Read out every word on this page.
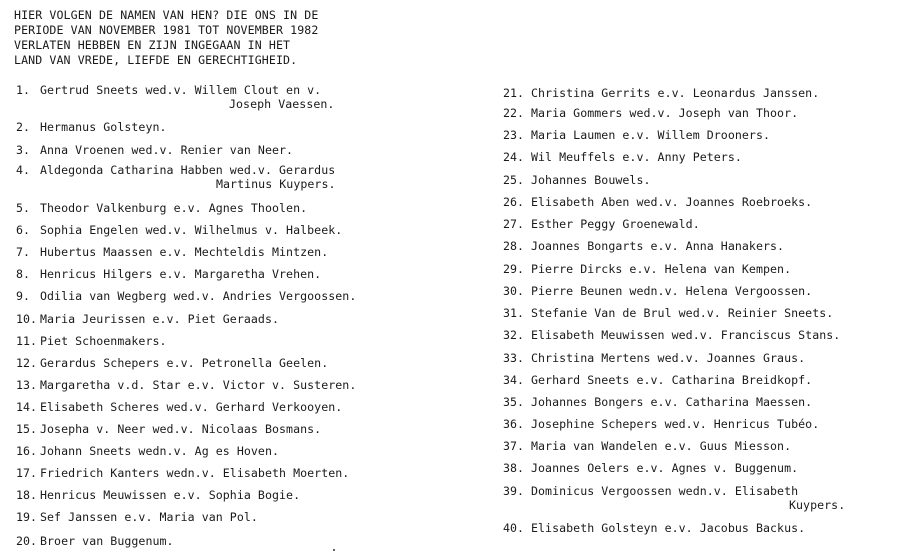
HIER VOLGEN DE NAMEN VAN HEN? DIE ONS IN DE
PERIODE VAN NOVEMBER 1981 TOT NOVEMBER 1982
VERLATEN HEBBEN EN ZIJN INGEGAAN IN HET
LAND VAN VREDE, LIEFDE EN GERECHTIGHEID.
1. Gertrud Sneets wed.v. Willem Clout en v.
Joseph Vaessen.
2. Hermanus Golsteyn.
3. Anna Vroenen wed.v. Renier van Neer.
4. Aldegonda Catharina Habben wed.v. Gerardus
Martinus Kuypers.
5. Theodor Valkenburg e.v. Agnes Thoolen.
6. Sophia Engelen wed.v. Wilhelmus v. Halbeek.
7. Hubertus Maassen e.v. Mechteldis Mintzen.
8. Henricus Hilgers e.v. Margaretha Vrehen.
9. Odilia van Wegberg wed.v. Andries Vergoossen.
10. Maria Jeurissen e.v. Piet Geraads.
11. Piet Schoenmakers.
12. Gerardus Schepers e.v. Petronella Geelen.
13. Margaretha v.d. Star e.v. Victor v. Susteren.
14. Elisabeth Scheres wed.v. Gerhard Verkooyen.
15. Josepha v. Neer wed.v. Nicolaas Bosmans.
16. Johann Sneets wedn.v. Ag es Hoven.
17. Friedrich Kanters wedn.v. Elisabeth Moerten.
18. Henricus Meuwissen e.v. Sophia Bogie.
19. Sef Janssen e.v. Maria van Pol.
20. Broer van Buggenum.
21. Christina Gerrits e.v. Leonardus Janssen.
22. Maria Gommers wed.v. Joseph van Thoor.
23. Maria Laumen e.v. Willem Drooners.
24. Wil Meuffels e.v. Anny Peters.
25. Johannes Bouwels.
26. Elisabeth Aben wed.v. Joannes Roebroeks.
27. Esther Peggy Groenewald.
28. Joannes Bongarts e.v. Anna Hanakers.
29. Pierre Dircks e.v. Helena van Kempen.
30. Pierre Beunen wedn.v. Helena Vergoossen.
31. Stefanie Van de Brul wed.v. Reinier Sneets.
32. Elisabeth Meuwissen wed.v. Franciscus Stans.
33. Christina Mertens wed.v. Joannes Graus.
34. Gerhard Sneets e.v. Catharina Breidkopf.
35. Johannes Bongers e.v. Catharina Maessen.
36. Josephine Schepers wed.v. Henricus Tubéo.
37. Maria van Wandelen e.v. Guus Miesson.
38. Joannes Oelers e.v. Agnes v. Buggenum.
39. Dominicus Vergoossen wedn.v. Elisabeth
Kuypers.
40. Elisabeth Golsteyn e.v. Jacobus Backus.
